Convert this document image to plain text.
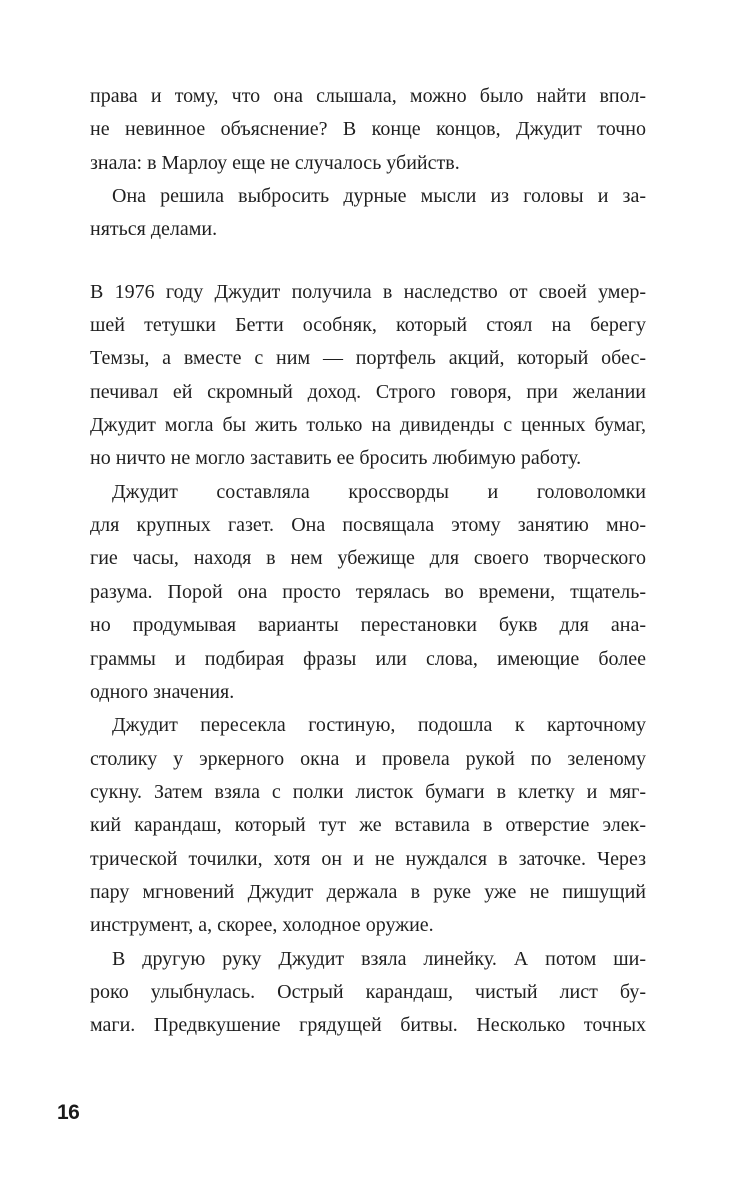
права и тому, что она слышала, можно было найти впол-
не невинное объяснение? В конце концов, Джудит точно
знала: в Марлоу еще не случалось убийств.
Она решила выбросить дурные мысли из головы и за-
няться делами.
В 1976 году Джудит получила в наследство от своей умер-
шей тетушки Бетти особняк, который стоял на берегу
Темзы, а вместе с ним — портфель акций, который обес-
печивал ей скромный доход. Строго говоря, при желании
Джудит могла бы жить только на дивиденды с ценных бумаг,
но ничто не могло заставить ее бросить любимую работу.
Джудит составляла кроссворды и головоломки
для крупных газет. Она посвящала этому занятию мно-
гие часы, находя в нем убежище для своего творческого
разума. Порой она просто терялась во времени, тщатель-
но продумывая варианты перестановки букв для ана-
граммы и подбирая фразы или слова, имеющие более
одного значения.
Джудит пересекла гостиную, подошла к карточному
столику у эркерного окна и провела рукой по зеленому
сукну. Затем взяла с полки листок бумаги в клетку и мяг-
кий карандаш, который тут же вставила в отверстие элек-
трической точилки, хотя он и не нуждался в заточке. Через
пару мгновений Джудит держала в руке уже не пишущий
инструмент, а, скорее, холодное оружие.
В другую руку Джудит взяла линейку. А потом ши-
роко улыбнулась. Острый карандаш, чистый лист бу-
маги. Предвкушение грядущей битвы. Несколько точных
16
